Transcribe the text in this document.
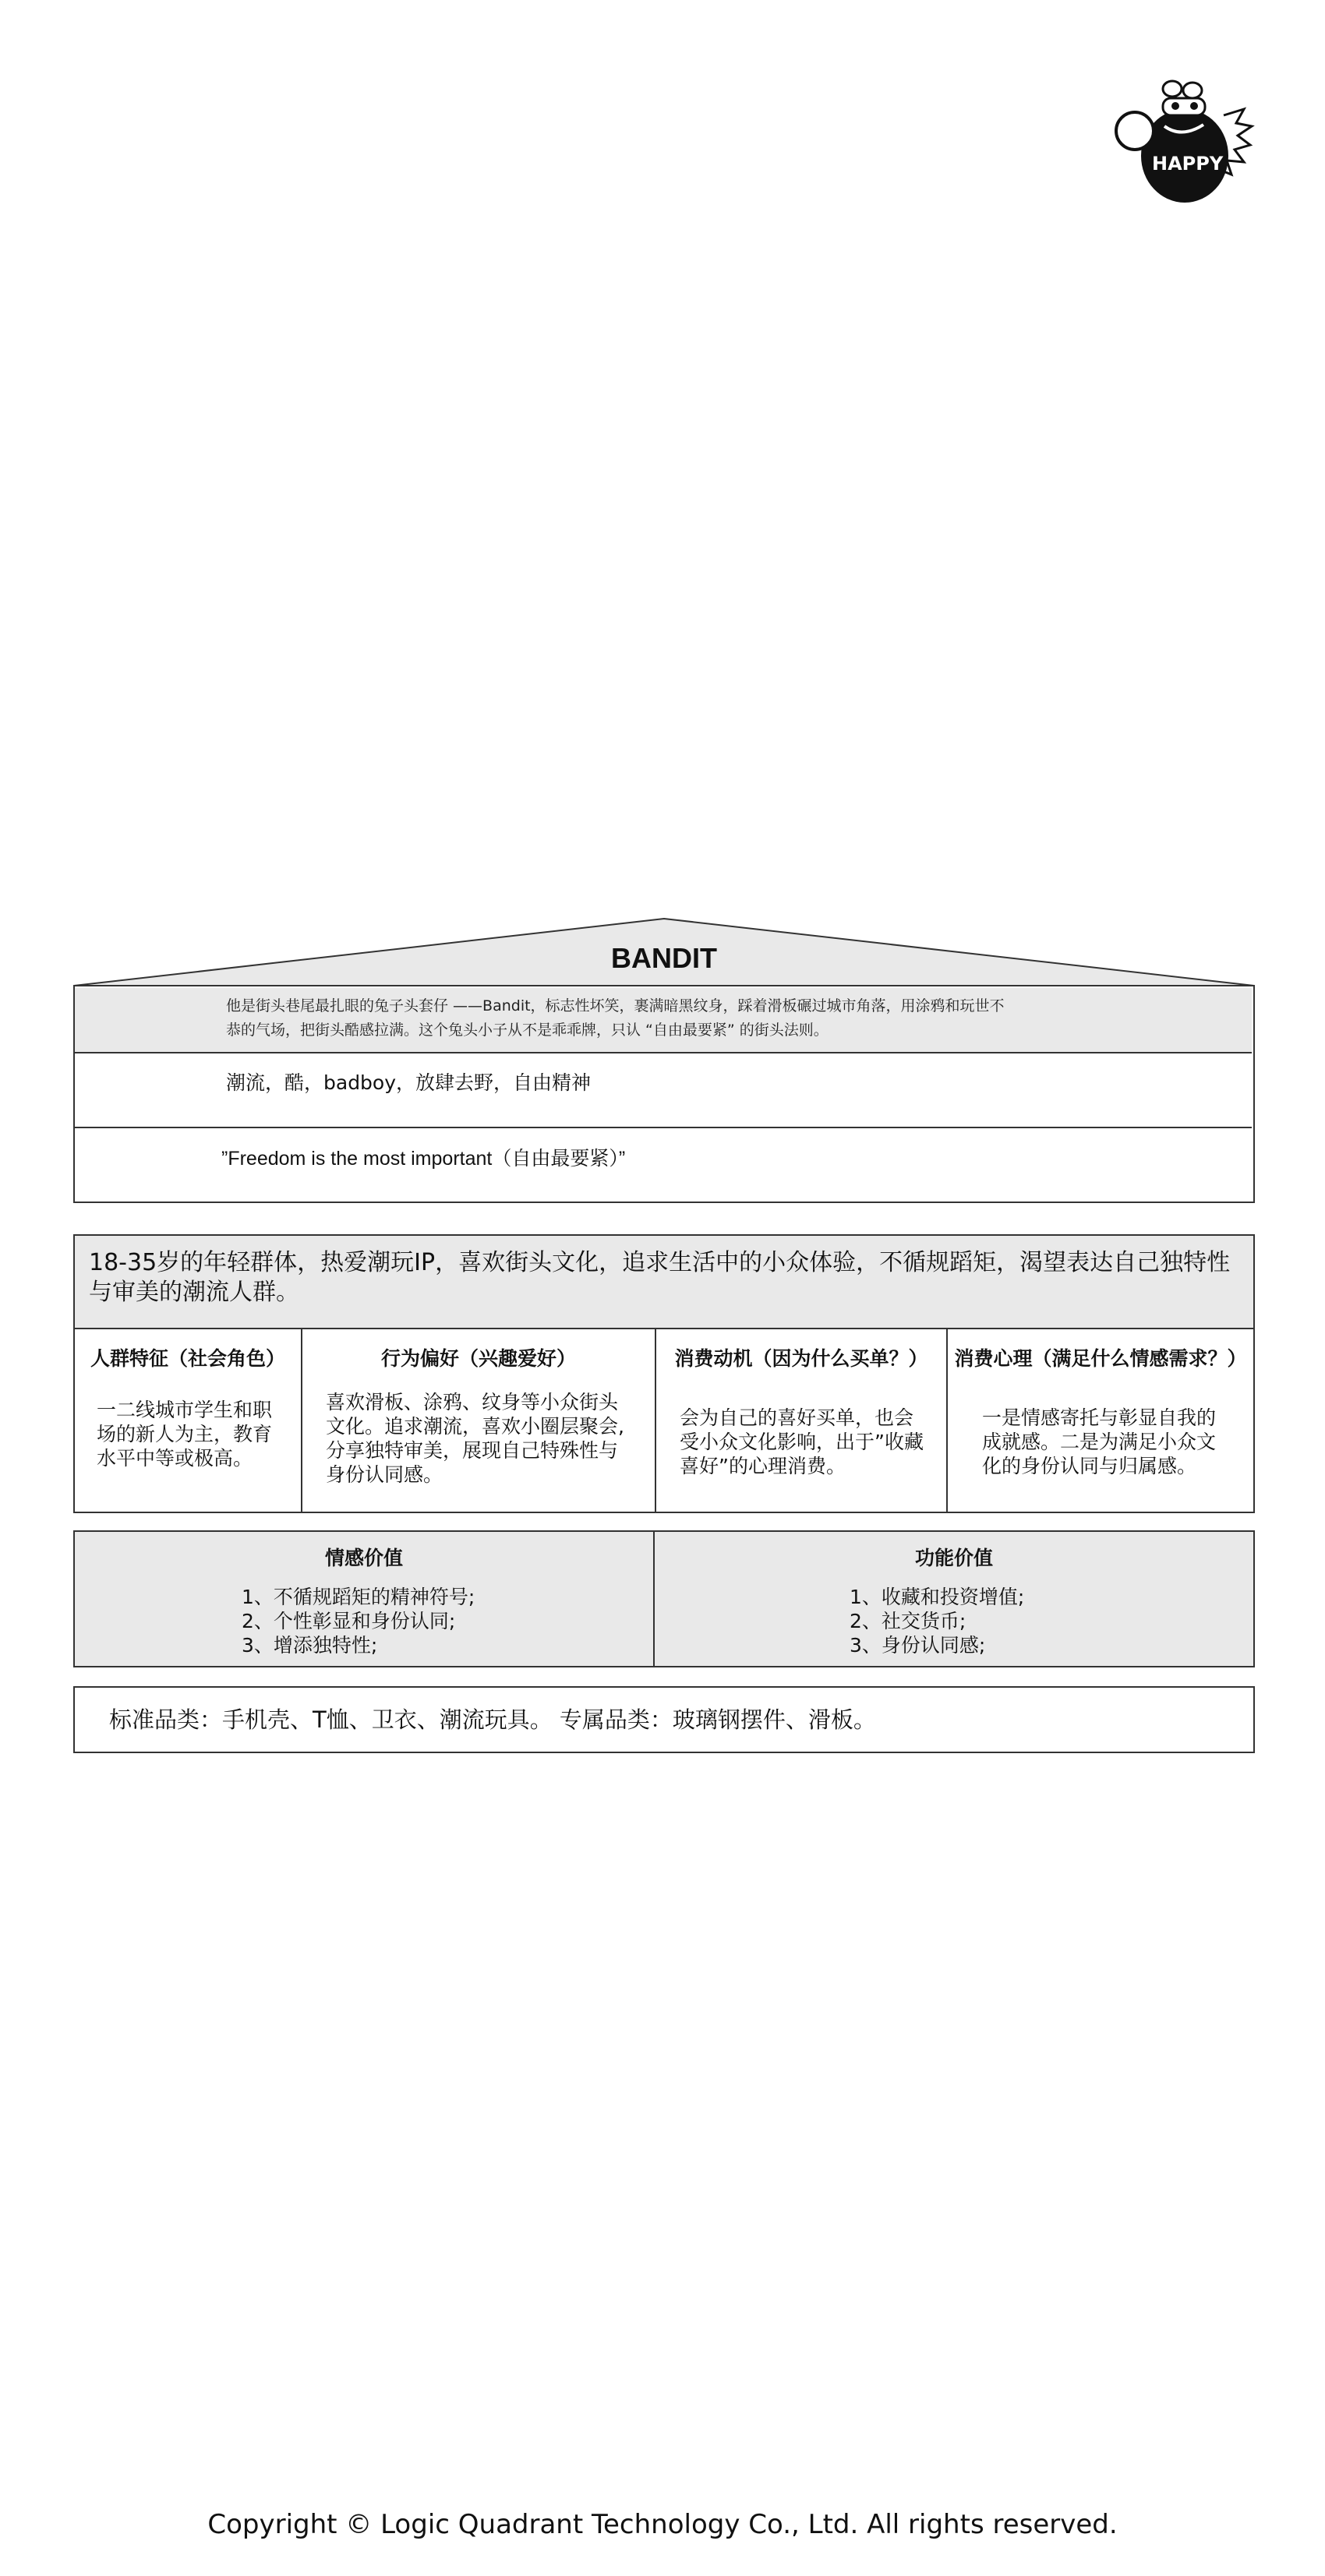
HAPPY
BANDIT
他是街头巷尾最扎眼的兔子头套仔 ——Bandit，标志性坏笑，裹满暗黑纹身，踩着滑板碾过城市角落，用涂鸦和玩世不
恭的气场，把街头酷感拉满。这个兔头小子从不是乖乖牌，只认 “自由最要紧” 的街头法则。
潮流，酷，badboy，放肆去野，自由精神
”Freedom is the most important（自由最要紧）”
18-35岁的年轻群体，热爱潮玩IP，喜欢街头文化，追求生活中的小众体验，不循规蹈矩，渴望表达自己独特性与审美的潮流人群。
人群特征（社会角色）
一二线城市学生和职
场的新人为主，教育
水平中等或极高。
行为偏好（兴趣爱好）
喜欢滑板、涂鸦、纹身等小众街头
文化。追求潮流，喜欢小圈层聚会,
分享独特审美，展现自己特殊性与
身份认同感。
消费动机（因为什么买单？）
会为自己的喜好买单，也会
受小众文化影响，出于”收藏
喜好”的心理消费。
消费心理（满足什么情感需求？）
一是情感寄托与彰显自我的
成就感。二是为满足小众文
化的身份认同与归属感。
情感价值
1、不循规蹈矩的精神符号;
2、个性彰显和身份认同;
3、增添独特性;
功能价值
1、收藏和投资增值;
2、社交货币;
3、身份认同感;
标准品类：手机壳、T恤、卫衣、潮流玩具。 专属品类：玻璃钢摆件、滑板。
Copyright © Logic Quadrant Technology Co., Ltd. All rights reserved.
